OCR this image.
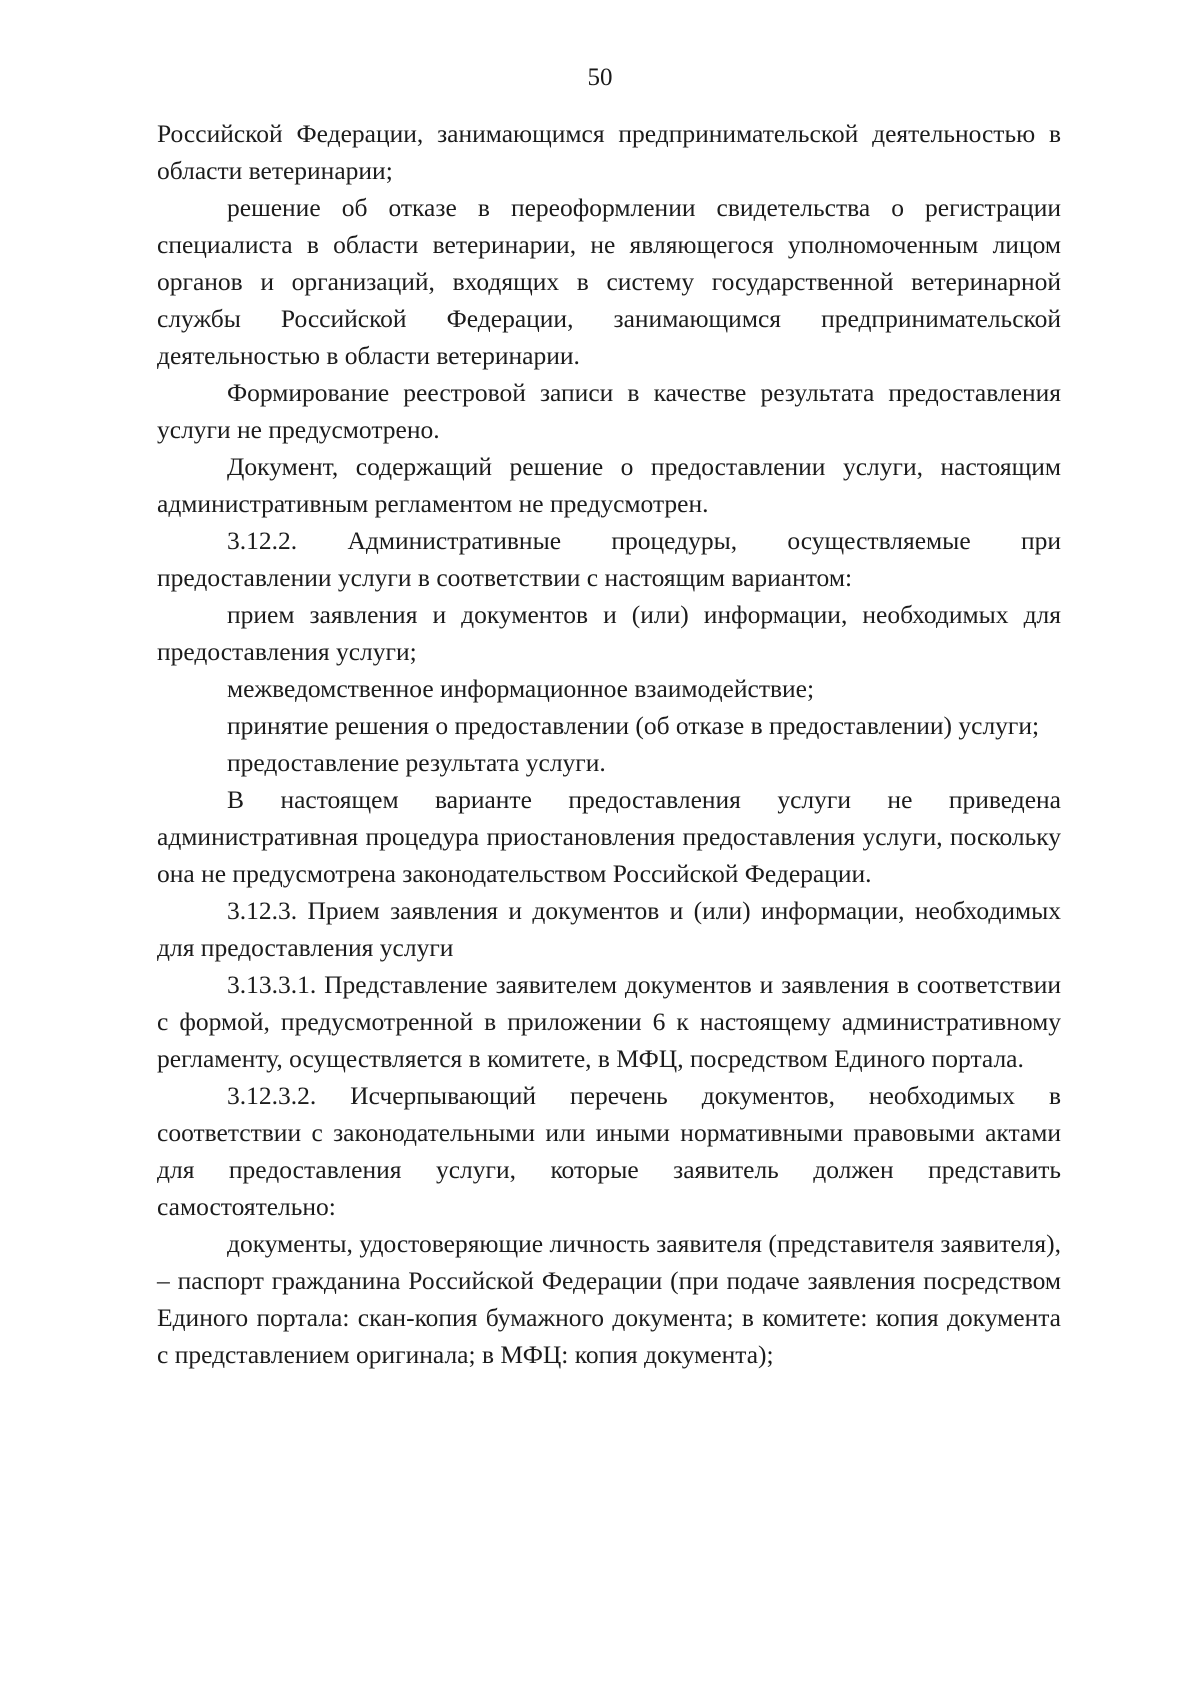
50

Российской Федерации, занимающимся предпринимательской деятельностью в области ветеринарии;

решение об отказе в переоформлении свидетельства о регистрации специалиста в области ветеринарии, не являющегося уполномоченным лицом органов и организаций, входящих в систему государственной ветеринарной службы Российской Федерации, занимающимся предпринимательской деятельностью в области ветеринарии.

Формирование реестровой записи в качестве результата предоставления услуги не предусмотрено.

Документ, содержащий решение о предоставлении услуги, настоящим административным регламентом не предусмотрен.

3.12.2. Административные процедуры, осуществляемые при предоставлении услуги в соответствии с настоящим вариантом:

прием заявления и документов и (или) информации, необходимых для предоставления услуги;

межведомственное информационное взаимодействие;

принятие решения о предоставлении (об отказе в предоставлении) услуги;

предоставление результата услуги.

В настоящем варианте предоставления услуги не приведена административная процедура приостановления предоставления услуги, поскольку она не предусмотрена законодательством Российской Федерации.

3.12.3. Прием заявления и документов и (или) информации, необходимых для предоставления услуги

3.13.3.1. Представление заявителем документов и заявления в соответствии с формой, предусмотренной в приложении 6 к настоящему административному регламенту, осуществляется в комитете, в МФЦ, посредством Единого портала.

3.12.3.2. Исчерпывающий перечень документов, необходимых в соответствии с законодательными или иными нормативными правовыми актами для предоставления услуги, которые заявитель должен представить самостоятельно:

документы, удостоверяющие личность заявителя (представителя заявителя), – паспорт гражданина Российской Федерации (при подаче заявления посредством Единого портала: скан-копия бумажного документа; в комитете: копия документа с представлением оригинала; в МФЦ: копия документа);
